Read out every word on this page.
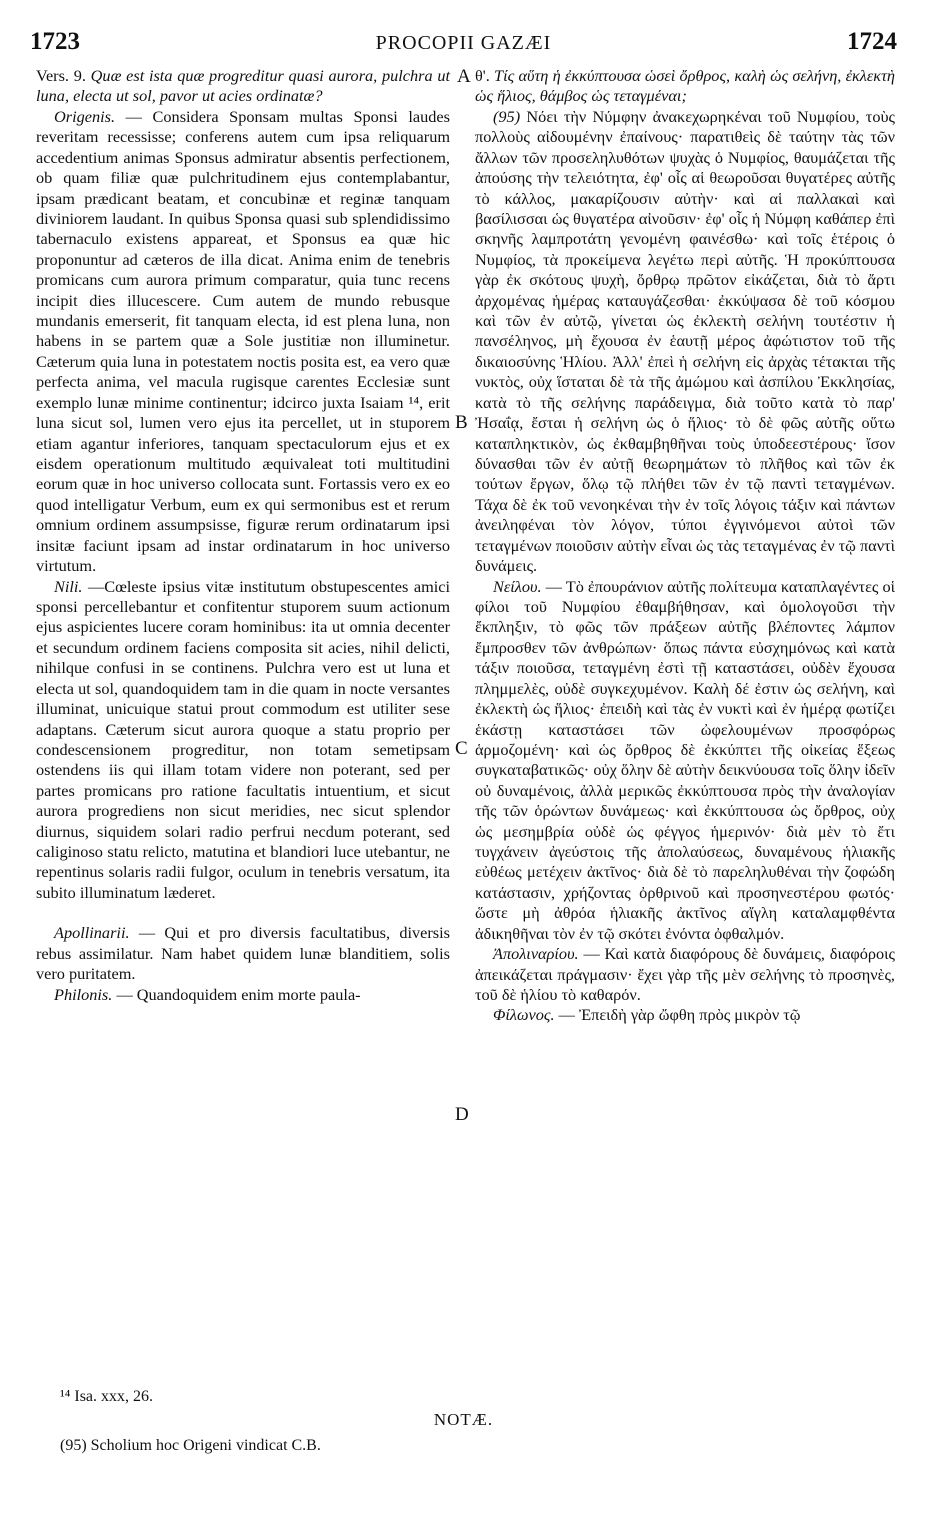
1723	PROCOPII GAZÆI	1724

Vers. 9. Quæ est ista quæ progreditur quasi aurora, pulchra ut luna, electa ut sol, pavor ut acies ordinatæ?

Origenis. — Considera Sponsam multas Sponsi laudes reveritam recessisse; conferens autem cum ipsa reliquarum accedentium animas Sponsus admiratur absentis perfectionem, ob quam filiæ quæ pulchritudinem ejus contemplabantur, ipsam prædicant beatam, et concubinæ et reginæ tanquam diviniorem laudant. In quibus Sponsa quasi sub splendidissimo tabernaculo existens appareat, et Sponsus ea quæ hic proponuntur ad cæteros de illa dicat. Anima enim de tenebris promicans cum aurora primum comparatur, quia tunc recens incipit dies illucescere. Cum autem de mundo rebusque mundanis emerserit, fit tanquam electa, id est plena luna, non habens in se partem quæ a Sole justitiæ non illuminetur. Cæterum quia luna in potestatem noctis posita est, ea vero quæ perfecta anima, vel macula rugisque carentes Ecclesiæ sunt exemplo lunæ minime continentur; idcirco juxta Isaiam ¹⁴, erit luna sicut sol, lumen vero ejus ita percellet, ut in stuporem etiam agantur inferiores, tanquam spectaculorum ejus et ex eisdem operationum multitudo æquivaleat toti multitudini eorum quæ in hoc universo collocata sunt. Fortassis vero ex eo quod intelligatur Verbum, eum ex qui sermonibus est et rerum omnium ordinem assumpsisse, figuræ rerum ordinatarum ipsi insitæ faciunt ipsam ad instar ordinatarum in hoc universo virtutum.

Nili. —Cœleste ipsius vitæ institutum obstupescentes amici sponsi percellebantur et confitentur stuporem suum actionum ejus aspicientes lucere coram hominibus: ita ut omnia decenter et secundum ordinem faciens composita sit acies, nihil delicti, nihilque confusi in se continens. Pulchra vero est ut luna et electa ut sol, quandoquidem tam in die quam in nocte versantes illuminat, unicuique statui prout commodum est utiliter sese adaptans. Cæterum sicut aurora quoque a statu proprio per condescensionem progreditur, non totam semetipsam ostendens iis qui illam totam videre non poterant, sed per partes promicans pro ratione facultatis intuentium, et sicut aurora progrediens non sicut meridies, nec sicut splendor diurnus, siquidem solari radio perfrui necdum poterant, sed caliginoso statu relicto, matutina et blandiori luce utebantur, ne repentinus solaris radii fulgor, oculum in tenebris versatum, ita subito illuminatum læderet.

Apollinarii. — Qui et pro diversis facultatibus, diversis rebus assimilatur. Nam habet quidem lunæ blanditiem, solis vero puritatem.

Philonis. — Quandoquidem enim morte paula-

θ'. Τίς αὕτη ἡ ἐκκύπτουσα ὡσεὶ ὄρθρος, καλὴ ὡς σελήνη, ἐκλεκτὴ ὡς ἥλιος, θάμβος ὡς τεταγμέναι;

(95) Νόει τὴν Νύμφην ἀνακεχωρηκέναι τοῦ Νυμφίου, τοὺς πολλοὺς αἰδουμένην ἐπαίνους· παρατιθεὶς δὲ ταύτην τὰς τῶν ἄλλων τῶν προσεληλυθότων ψυχὰς ὁ Νυμφίος, θαυμάζεται τῆς ἀπούσης τὴν τελειότητα, ἐφ' οἷς αἱ θεωροῦσαι θυγατέρες αὐτῆς τὸ κάλλος, μακαρίζουσιν αὐτὴν· καὶ αἱ παλλακαὶ καὶ βασίλισσαι ὡς θυγατέρα αἰνοῦσιν· ἐφ' οἷς ἡ Νύμφη καθάπερ ἐπὶ σκηνῆς λαμπροτάτη γενομένη φαινέσθω· καὶ τοῖς ἑτέροις ὁ Νυμφίος, τὰ προκείμενα λεγέτω περὶ αὐτῆς. Ἡ προκύπτουσα γὰρ ἐκ σκότους ψυχὴ, ὄρθρῳ πρῶτον εἰκάζεται, διὰ τὸ ἄρτι ἀρχομένας ἡμέρας καταυγάζεσθαι· ἐκκύψασα δὲ τοῦ κόσμου καὶ τῶν ἐν αὐτῷ, γίνεται ὡς ἐκλεκτὴ σελήνη τουτέστιν ἡ πανσέληνος, μὴ ἔχουσα ἐν ἑαυτῇ μέρος ἀφώτιστον τοῦ τῆς δικαιοσύνης Ἡλίου. Ἀλλ' ἐπεὶ ἡ σελήνη εἰς ἀρχὰς τέτακται τῆς νυκτὸς, οὐχ ἵσταται δὲ τὰ τῆς ἀμώμου καὶ ἀσπίλου Ἐκκλησίας, κατὰ τὸ τῆς σελήνης παράδειγμα, διὰ τοῦτο κατὰ τὸ παρ' Ἠσαΐᾳ, ἔσται ἡ σελήνη ὡς ὁ ἥλιος· τὸ δὲ φῶς αὐτῆς οὕτω καταπληκτικὸν, ὡς ἐκθαμβηθῆναι τοὺς ὑποδεεστέρους· ἴσον δύνασθαι τῶν ἐν αὐτῇ θεωρημάτων τὸ πλῆθος καὶ τῶν ἐκ τούτων ἔργων, ὅλῳ τῷ πλήθει τῶν ἐν τῷ παντὶ τεταγμένων. Τάχα δὲ ἐκ τοῦ νενοηκέναι τὴν ἐν τοῖς λόγοις τάξιν καὶ πάντων ἀνειληφέναι τὸν λόγον, τύποι ἐγγινόμενοι αὐτοὶ τῶν τεταγμένων ποιοῦσιν αὐτὴν εἶναι ὡς τὰς τεταγμένας ἐν τῷ παντὶ δυνάμεις.

Νείλου. — Τὸ ἐπουράνιον αὐτῆς πολίτευμα καταπλαγέντες οἱ φίλοι τοῦ Νυμφίου ἐθαμβήθησαν, καὶ ὁμολογοῦσι τὴν ἔκπληξιν, τὸ φῶς τῶν πράξεων αὐτῆς βλέποντες λάμπον ἔμπροσθεν τῶν ἀνθρώπων· ὅπως πάντα εὐσχημόνως καὶ κατὰ τάξιν ποιοῦσα, τεταγμένη ἐστὶ τῇ καταστάσει, οὐδὲν ἔχουσα πλημμελὲς, οὐδὲ συγκεχυμένον. Καλὴ δέ ἐστιν ὡς σελήνη, καὶ ἐκλεκτὴ ὡς ἥλιος· ἐπειδὴ καὶ τὰς ἐν νυκτὶ καὶ ἐν ἡμέρᾳ φωτίζει ἑκάστῃ καταστάσει τῶν ὠφελουμένων προσφόρως ἁρμοζομένη· καὶ ὡς ὄρθρος δὲ ἐκκύπτει τῆς οἰκείας ἕξεως συγκαταβατικῶς· οὐχ ὅλην δὲ αὐτὴν δεικνύουσα τοῖς ὅλην ἰδεῖν οὐ δυναμένοις, ἀλλὰ μερικῶς ἐκκύπτουσα πρὸς τὴν ἀναλογίαν τῆς τῶν ὁρώντων δυνάμεως· καὶ ἐκκύπτουσα ὡς ὄρθρος, οὐχ ὡς μεσημβρία οὐδὲ ὡς φέγγος ἡμερινόν· διὰ μὲν τὸ ἔτι τυγχάνειν ἀγεύστοις τῆς ἀπολαύσεως, δυναμένους ἡλιακῆς εὐθέως μετέχειν ἀκτῖνος· διὰ δὲ τὸ παρεληλυθέναι τὴν ζοφώδη κατάστασιν, χρήζοντας ὀρθρινοῦ καὶ προσηνεστέρου φωτός· ὥστε μὴ ἀθρόα ἡλιακῆς ἀκτῖνος αἴγλη καταλαμφθέντα ἀδικηθῆναι τὸν ἐν τῷ σκότει ἐνόντα ὀφθαλμόν.

Ἀπολιναρίου. — Καὶ κατὰ διαφόρους δὲ δυνάμεις, διαφόροις ἀπεικάζεται πράγμασιν· ἔχει γὰρ τῆς μὲν σελήνης τὸ προσηνὲς, τοῦ δὲ ἡλίου τὸ καθαρόν.

Φίλωνος. — Ἐπειδὴ γὰρ ὤφθη πρὸς μικρὸν τῷ

A
B
C
D
¹⁴ Isa. xxx, 26.
NOTÆ.
(95) Scholium hoc Origeni vindicat C.B.
